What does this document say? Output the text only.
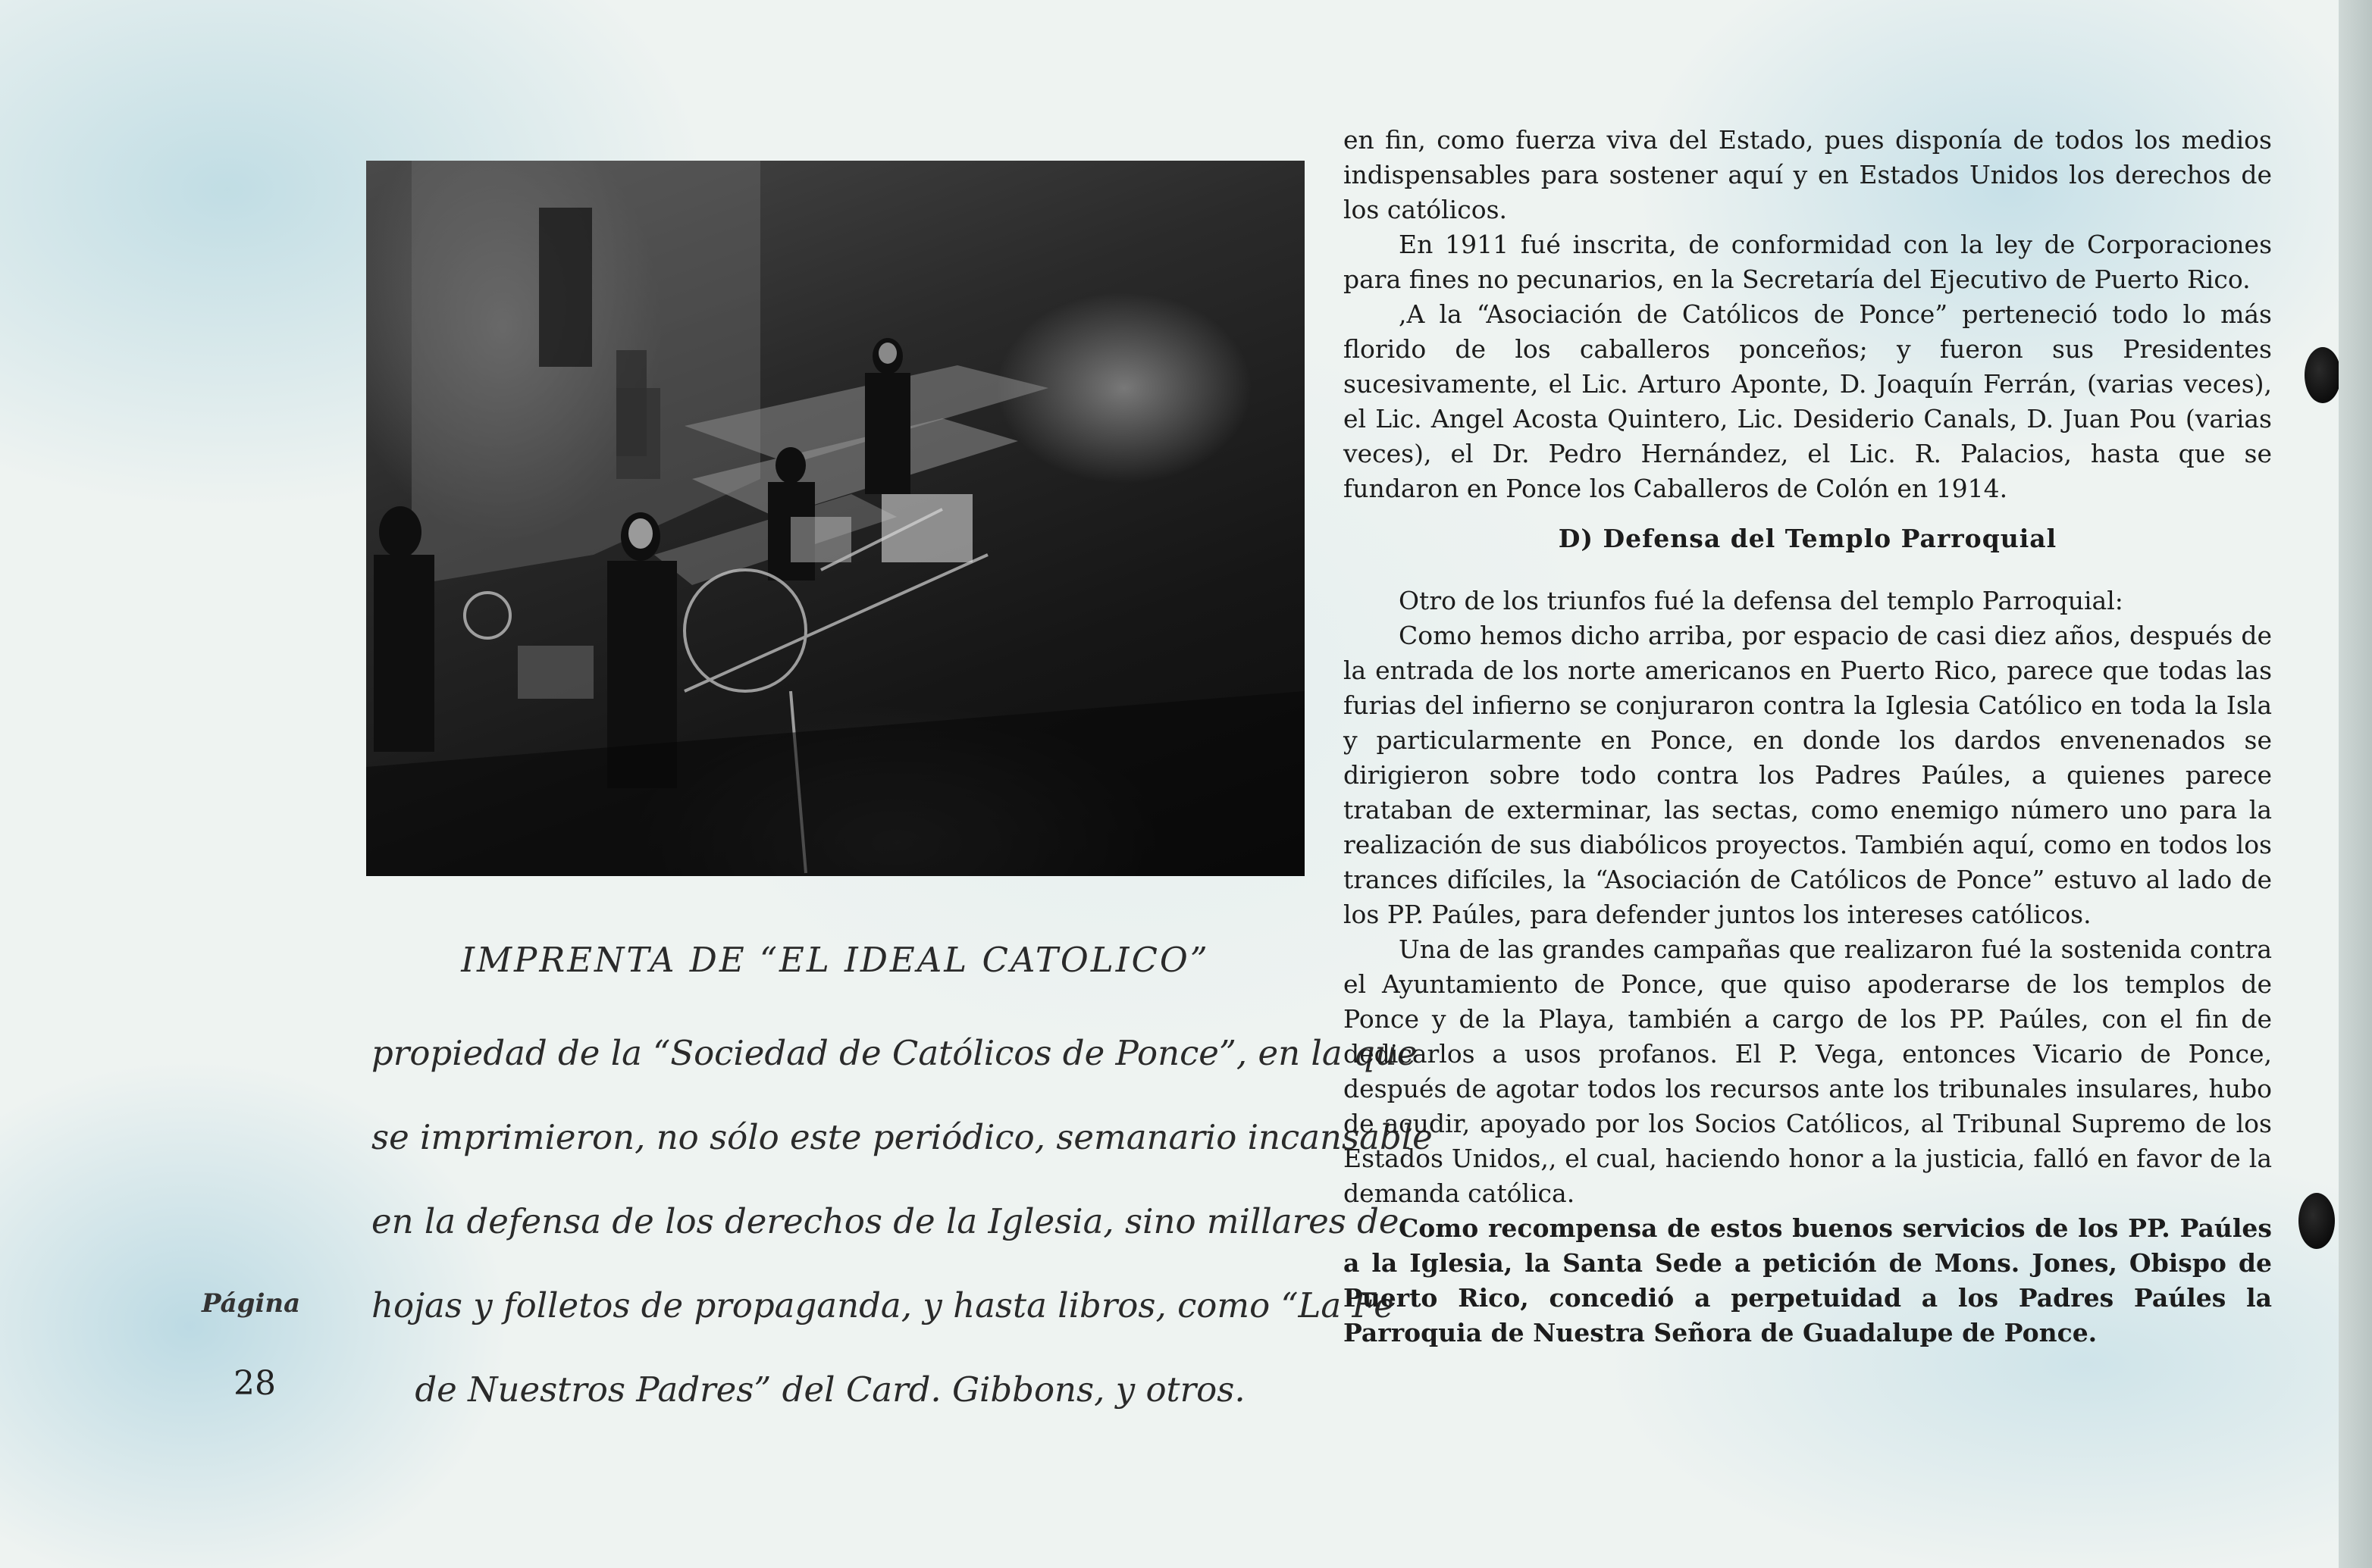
IMPRENTA DE “EL IDEAL CATOLICO”
propiedad de la “Sociedad de Católicos de Ponce”, en la que
se imprimieron, no sólo este periódico, semanario incansable
en la defensa de los derechos de la Iglesia, sino millares de
hojas y folletos de propaganda, y hasta libros, como “La Fe
de Nuestros Padres” del Card. Gibbons, y otros.
Página
28

en fin, como fuerza viva del Estado, pues disponía de todos los medios indispensables para sostener aquí y en Estados Unidos los derechos de los católicos.

En 1911 fué inscrita, de conformidad con la ley de Corporaciones para fines no pecunarios, en la Secretaría del Ejecutivo de Puerto Rico.

,A la “Asociación de Católicos de Ponce” perteneció todo lo más florido de los caballeros ponceños; y fueron sus Presidentes sucesivamente, el Lic. Arturo Aponte, D. Joaquín Ferrán, (varias veces), el Lic. Angel Acosta Quintero, Lic. Desiderio Canals, D. Juan Pou (varias veces), el Dr. Pedro Hernández, el Lic. R. Palacios, hasta que se fundaron en Ponce los Caballeros de Colón en 1914.

D) Defensa del Templo Parroquial

Otro de los triunfos fué la defensa del templo Parroquial:

Como hemos dicho arriba, por espacio de casi diez años, después de la entrada de los norte americanos en Puerto Rico, parece que todas las furias del infierno se conjuraron contra la Iglesia Católico en toda la Isla y particularmente en Ponce, en donde los dardos envenenados se dirigieron sobre todo contra los Padres Paúles, a quienes parece trataban de exterminar, las sectas, como enemigo número uno para la realización de sus diabólicos proyectos. También aquí, como en todos los trances difíciles, la “Asociación de Católicos de Ponce” estuvo al lado de los PP. Paúles, para defender juntos los intereses católicos.

Una de las grandes campañas que realizaron fué la sostenida contra el Ayuntamiento de Ponce, que quiso apoderarse de los templos de Ponce y de la Playa, también a cargo de los PP. Paúles, con el fin de dedicarlos a usos profanos. El P. Vega, entonces Vicario de Ponce, después de agotar todos los recursos ante los tribunales insulares, hubo de acudir, apoyado por los Socios Católicos, al Tribunal Supremo de los Estados Unidos,, el cual, haciendo honor a la justicia, falló en favor de la demanda católica.

Como recompensa de estos buenos servicios de los PP. Paúles a la Iglesia, la Santa Sede a petición de Mons. Jones, Obispo de Puerto Rico, concedió a perpetuidad a los Padres Paúles la Parroquia de Nuestra Señora de Guadalupe de Ponce.
